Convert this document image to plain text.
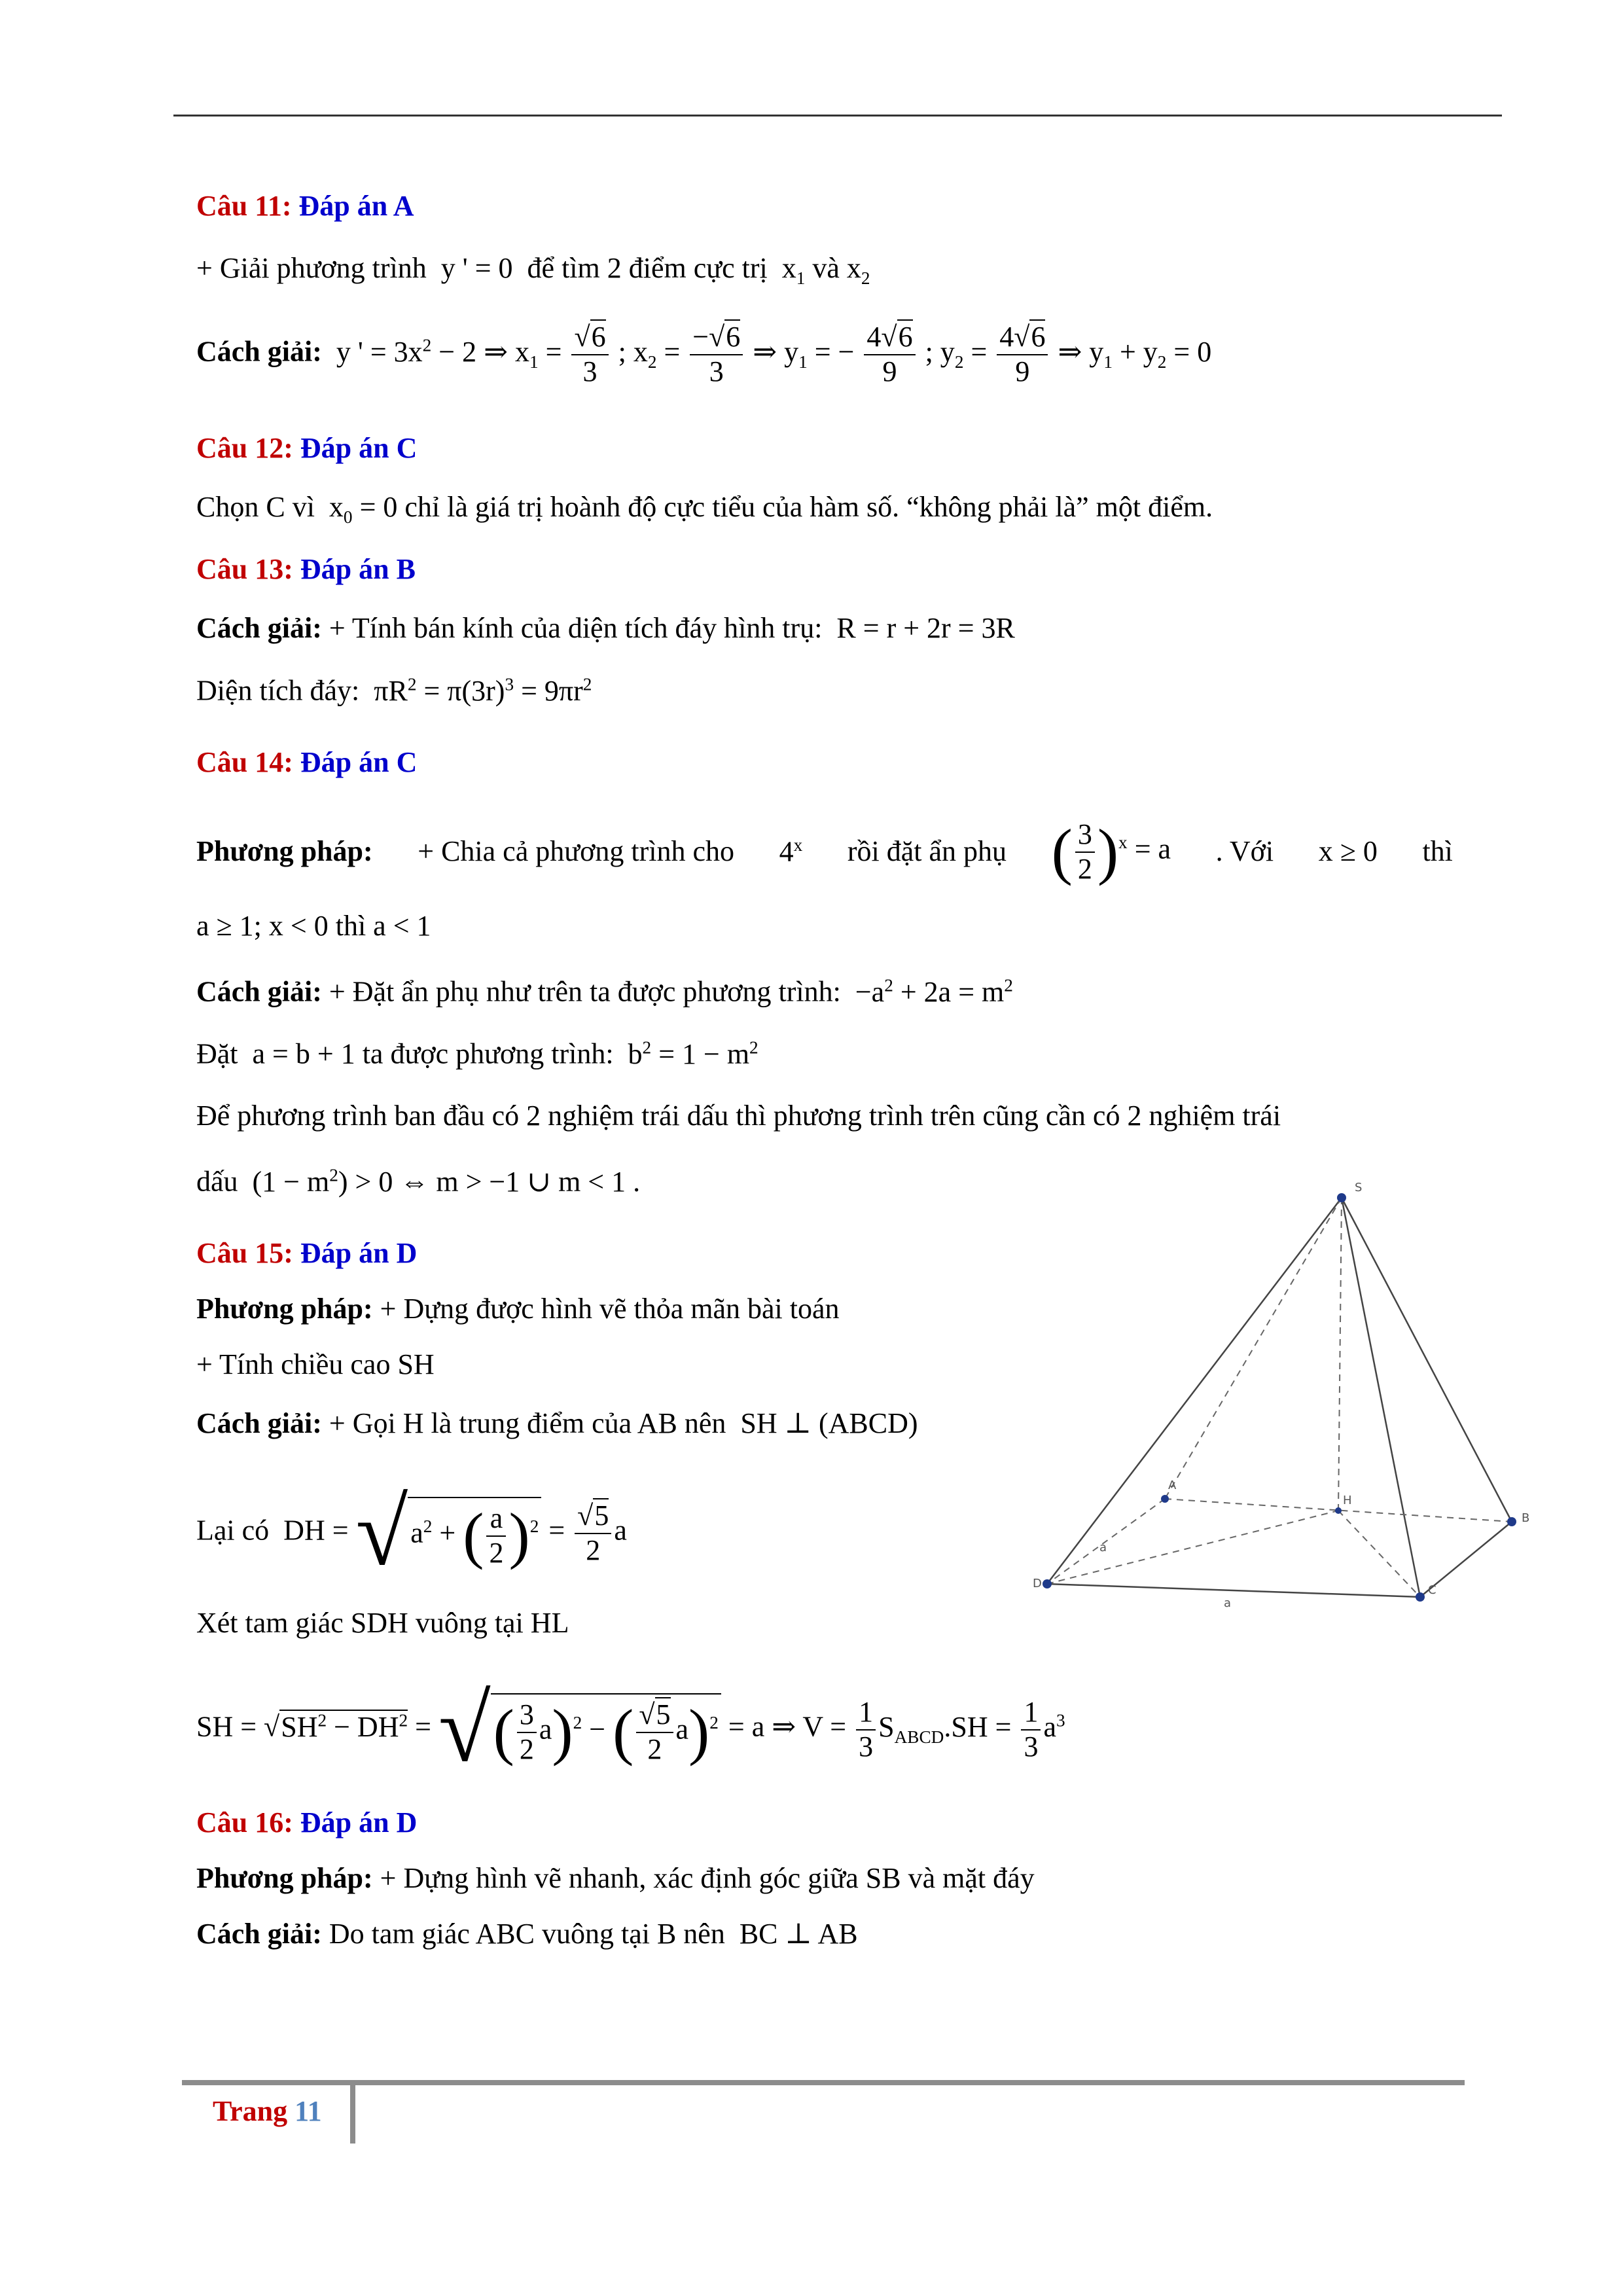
Câu 11: Đáp án A
+ Giải phương trình y ' = 0 để tìm 2 điểm cực trị $x_1$ và $x_2$
Cách giải: y ' = $3x^2 - 2$ ⇒ $x_1 = \frac{√6}{3}$ ; $x_2 = \frac{-√6}{3}$ ⇒ $y_1$ = − $\frac{4√6}{9}$ ; $y_2 = \frac{4√6}{9}$ ⇒ $y_1 + y_2 = 0$
Câu 12: Đáp án C
Chọn C vì $x_0 = 0$ chỉ là giá trị hoành độ cực tiểu của hàm số. “không phải là” một điểm.
Câu 13: Đáp án B
Cách giải: + Tính bán kính của diện tích đáy hình trụ: R = r + 2r = 3R
Diện tích đáy: $\pi R^2 = \pi(3r)^3 = 9\pi r^2$
Câu 14: Đáp án C
Phương pháp: + Chia cả phương trình cho 4$^x$ rồi đặt ẩn phụ ( $\frac{3}{2} )^x = a$ . Với x ≥ 0 thì
a ≥ 1; x < 0 thì a < 1
Cách giải: + Đặt ẩn phụ như trên ta được phương trình: $-a^2 + 2a = m^2$
Đặt a = b + 1 ta được phương trình: $b^2 = 1 - m^2$
Để phương trình ban đầu có 2 nghiệm trái dấu thì phương trình trên cũng cần có 2 nghiệm trái
dấu $(1 - m^2) > 0$ ⇔ m > −1 ∪ m < 1 .
Câu 15: Đáp án D
Phương pháp: + Dựng được hình vẽ thỏa mãn bài toán
+ Tính chiều cao SH
Cách giải: + Gọi H là trung điểm của AB nên SH ⊥ (ABCD)
Lại có DH = $√a^2$ + ( $\frac{a}{2} )^2 = \frac{√5}{2}$ a
Xét tam giác SDH vuông tại HL
SH = $√SH^2 - DH^2$ = √( $\frac{3}{2} a)^2$ − ( $\frac{√5}{2} a)^2 = a$ ⇒ $V = \frac{1}{3} S_{ABCD}.SH = \frac{1}{3} a^3$
Câu 16: Đáp án D
Phương pháp: + Dựng hình vẽ nhanh, xác định góc giữa SB và mặt đáy
Cách giải: Do tam giác ABC vuông tại B nên BC ⊥ AB
S
A
B
C
D
H
a
a
Trang 11
